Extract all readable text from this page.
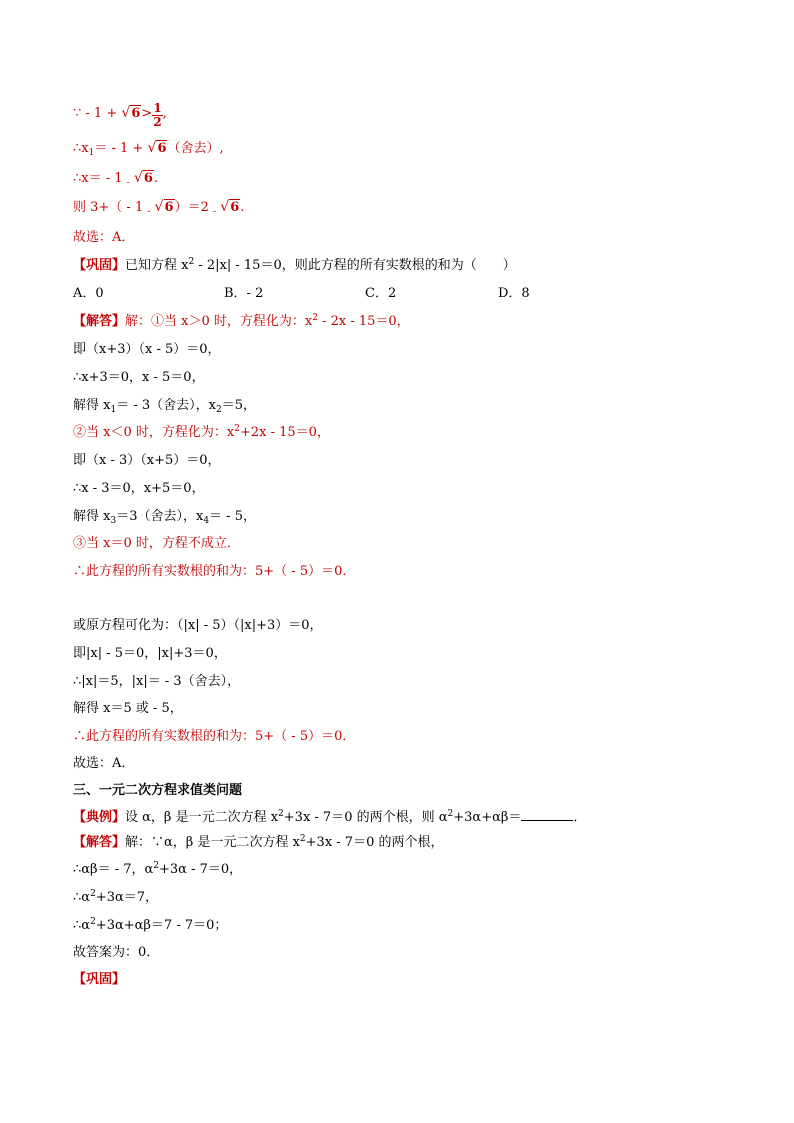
∵ - 1 + √ $6> \frac{1}{2}$ ,
$\therefore x_1= - 1$ + √ 6（舍去）,
∴x＝ - 1 $_-$ √ 6.
则 3+（ - 1 $_-$ √ 6）＝2 $_-$ √ 6.
故选：A．
【巩固】已知方程 $x^2 - 2|x| - 15=0$，则此方程的所有实数根的和为（　　）
A．0	B．- 2	C．2	D．8
【解答】解：①当 x＞0 时，方程化为：$x^2 - 2x - 15=0$，
即（x+3）（x - 5）＝0，
∴x+3＝0，x - 5＝0，
解得 $x_1= - 3$（舍去），$x_2=5$，
②当 x＜0 时，方程化为：$x^2+2x - 15=0$，
即（x - 3）（x+5）＝0，
∴x - 3＝0，x+5＝0，
解得 $x_3=3$（舍去），$x_4= - 5$，
③当 x＝0 时，方程不成立．
∴此方程的所有实数根的和为：5+（ - 5）＝0．
或原方程可化为：（|x| - 5）（|x|+3）＝0，
即|x| - 5＝0，|x|+3＝0，
∴|x|＝5，|x|＝ - 3（舍去），
解得 x＝5 或 - 5，
∴此方程的所有实数根的和为：5+（ - 5）＝0．
故选：A．
三、一元二次方程求值类问题
【典例】设 α，β 是一元二次方程 $x^2+3x - 7=0$ 的两个根，则 $\alpha^2+3\alpha+\alpha\beta=$	．
【解答】解：∵α，β 是一元二次方程 $x^2+3x - 7=0$ 的两个根，
∴αβ＝ - 7，$\alpha^2+3\alpha - 7=0$，
$\therefore\alpha^2+3\alpha=7$，
$\therefore\alpha^2+3\alpha+\alpha\beta=7 - 7=0$；
故答案为：0．
【巩固】
